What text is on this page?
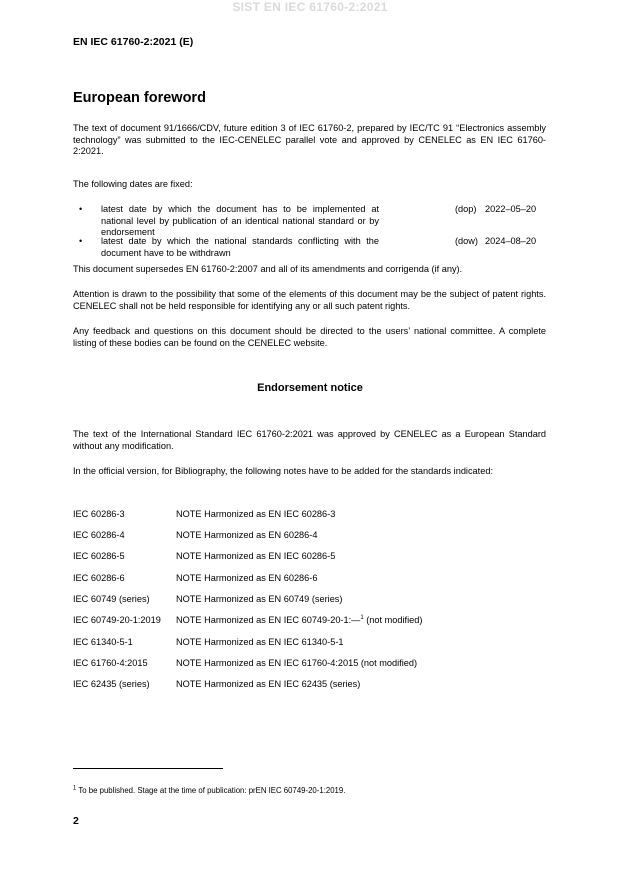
SIST EN IEC 61760-2:2021
EN IEC 61760-2:2021 (E)
European foreword

The text of document 91/1666/CDV, future edition 3 of IEC 61760-2, prepared by IEC/TC 91 “Electronics assembly technology” was submitted to the IEC-CENELEC parallel vote and approved by CENELEC as EN IEC 61760-2:2021.

The following dates are fixed:

• latest date by which the document has to be implemented at national level by publication of an identical national standard or by endorsement
(dop) 2022–05–20
• latest date by which the national standards conflicting with the document have to be withdrawn
(dow) 2024–08–20

This document supersedes EN 61760-2:2007 and all of its amendments and corrigenda (if any).

Attention is drawn to the possibility that some of the elements of this document may be the subject of patent rights. CENELEC shall not be held responsible for identifying any or all such patent rights.

Any feedback and questions on this document should be directed to the users’ national committee. A complete listing of these bodies can be found on the CENELEC website.

Endorsement notice

The text of the International Standard IEC 61760-2:2021 was approved by CENELEC as a European Standard without any modification.

In the official version, for Bibliography, the following notes have to be added for the standards indicated:

IEC 60286-3	NOTE Harmonized as EN IEC 60286-3
IEC 60286-4	NOTE Harmonized as EN 60286-4
IEC 60286-5	NOTE Harmonized as EN IEC 60286-5
IEC 60286-6	NOTE Harmonized as EN 60286-6
IEC 60749 (series)	NOTE Harmonized as EN 60749 (series)
IEC 60749-20-1:2019 NOTE Harmonized as EN IEC 60749-20-1:—$^1$ (not modified)
IEC 61340-5-1	NOTE Harmonized as EN IEC 61340-5-1
IEC 61760-4:2015	NOTE Harmonized as EN IEC 61760-4:2015 (not modified)
IEC 62435 (series)	NOTE Harmonized as EN IEC 62435 (series)
$^1$ To be published. Stage at the time of publication: prEN IEC 60749-20-1:2019.
2
